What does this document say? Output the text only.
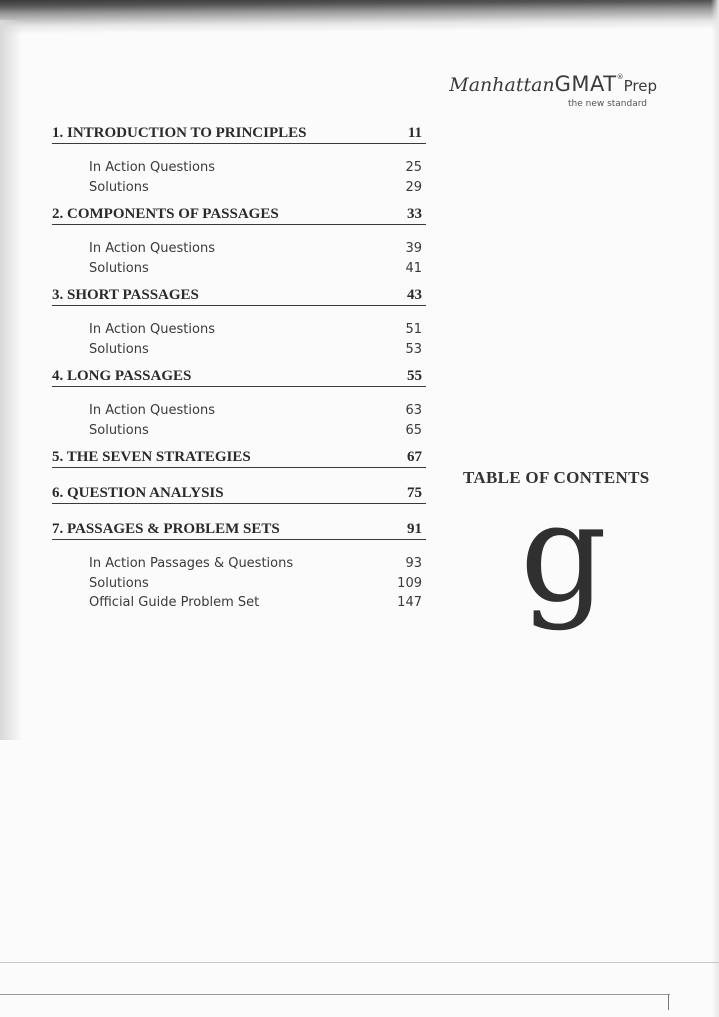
ManhattanGMAT®Prep
the new standard
1. INTRODUCTION TO PRINCIPLES	11
In Action Questions	25
Solutions	29
2. COMPONENTS OF PASSAGES	33
In Action Questions	39
Solutions	41
3. SHORT PASSAGES	43
In Action Questions	51
Solutions	53
4. LONG PASSAGES	55
In Action Questions	63
Solutions	65
5. THE SEVEN STRATEGIES	67
6. QUESTION ANALYSIS	75
7. PASSAGES & PROBLEM SETS	91
In Action Passages & Questions	93
Solutions	109
Official Guide Problem Set	147
TABLE OF CONTENTS
g
